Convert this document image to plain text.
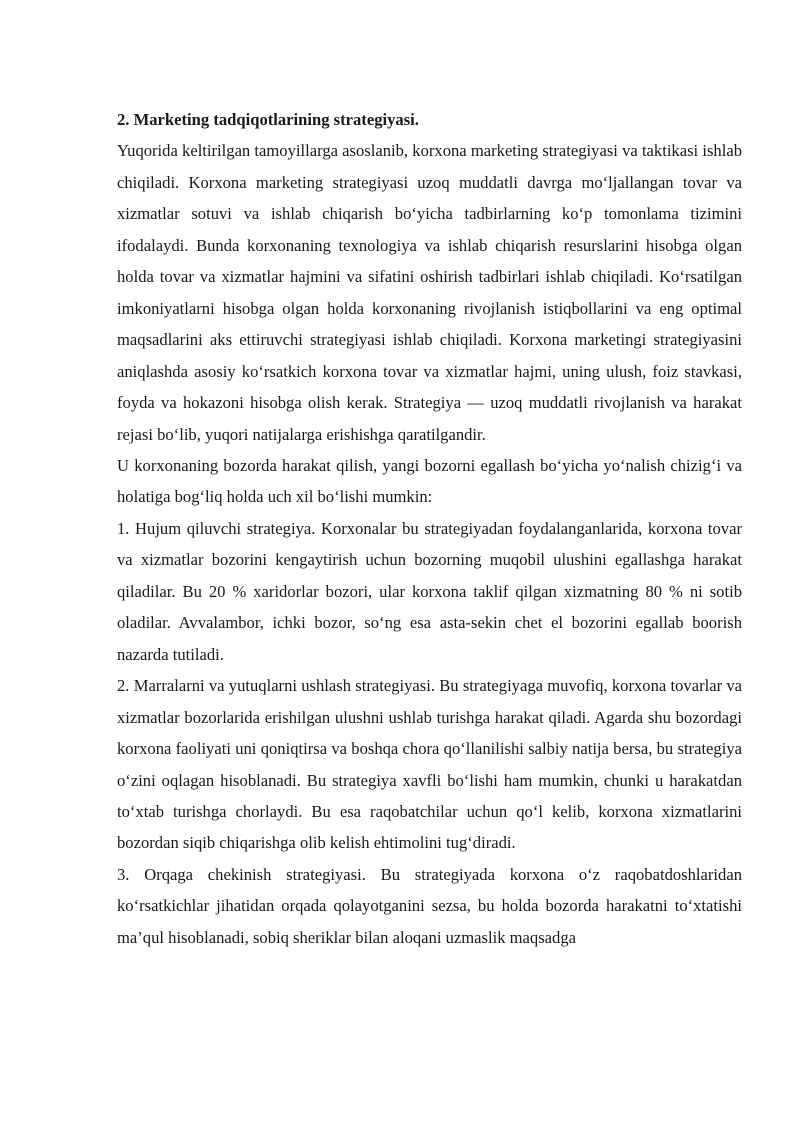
2. Marketing tadqiqotlarining strategiyasi.

Yuqorida keltirilgan tamoyillarga asoslanib, korxona marketing strategiyasi va taktikasi ishlab chiqiladi. Korxona marketing strategiyasi uzoq muddatli davrga mo‘ljallangan tovar va xizmatlar sotuvi va ishlab chiqarish bo‘yicha tadbirlarning ko‘p tomonlama tizimini ifodalaydi. Bunda korxonaning texnologiya va ishlab chiqarish resurslarini hisobga olgan holda tovar va xizmatlar hajmini va sifatini oshirish tadbirlari ishlab chiqiladi. Ko‘rsatilgan imkoniyatlarni hisobga olgan holda korxonaning rivojlanish istiqbollarini va eng optimal maqsadlarini aks ettiruvchi strategiyasi ishlab chiqiladi. Korxona marketingi strategiyasini aniqlashda asosiy ko‘rsatkich korxona tovar va xizmatlar hajmi, uning ulush, foiz stavkasi, foyda va hokazoni hisobga olish kerak. Strategiya — uzoq muddatli rivojlanish va harakat rejasi bo‘lib, yuqori natijalarga erishishga qaratilgandir.

U korxonaning bozorda harakat qilish, yangi bozorni egallash bo‘yicha yo‘nalish chizig‘i va holatiga bog‘liq holda uch xil bo‘lishi mumkin:

1. Hujum qiluvchi strategiya. Korxonalar bu strategiyadan foydalanganlarida, korxona tovar va xizmatlar bozorini kengaytirish uchun bozorning muqobil ulushini egallashga harakat qiladilar. Bu 20 % xaridorlar bozori, ular korxona taklif qilgan xizmatning 80 % ni sotib oladilar. Avvalambor, ichki bozor, so‘ng esa asta-sekin chet el bozorini egallab boorish nazarda tutiladi.

2. Marralarni va yutuqlarni ushlash strategiyasi. Bu strategiyaga muvofiq, korxona tovarlar va xizmatlar bozorlarida erishilgan ulushni ushlab turishga harakat qiladi. Agarda shu bozordagi korxona faoliyati uni qoniqtirsa va boshqa chora qo‘llanilishi salbiy natija bersa, bu strategiya o‘zini oqlagan hisoblanadi. Bu strategiya xavfli bo‘lishi ham mumkin, chunki u harakatdan to‘xtab turishga chorlaydi. Bu esa raqobatchilar uchun qo‘l kelib, korxona xizmatlarini bozordan siqib chiqarishga olib kelish ehtimolini tug‘diradi.

3. Orqaga chekinish strategiyasi. Bu strategiyada korxona o‘z raqobatdoshlaridan ko‘rsatkichlar jihatidan orqada qolayotganini sezsa, bu holda bozorda harakatni to‘xtatishi ma’qul hisoblanadi, sobiq sheriklar bilan aloqani uzmaslik maqsadga
